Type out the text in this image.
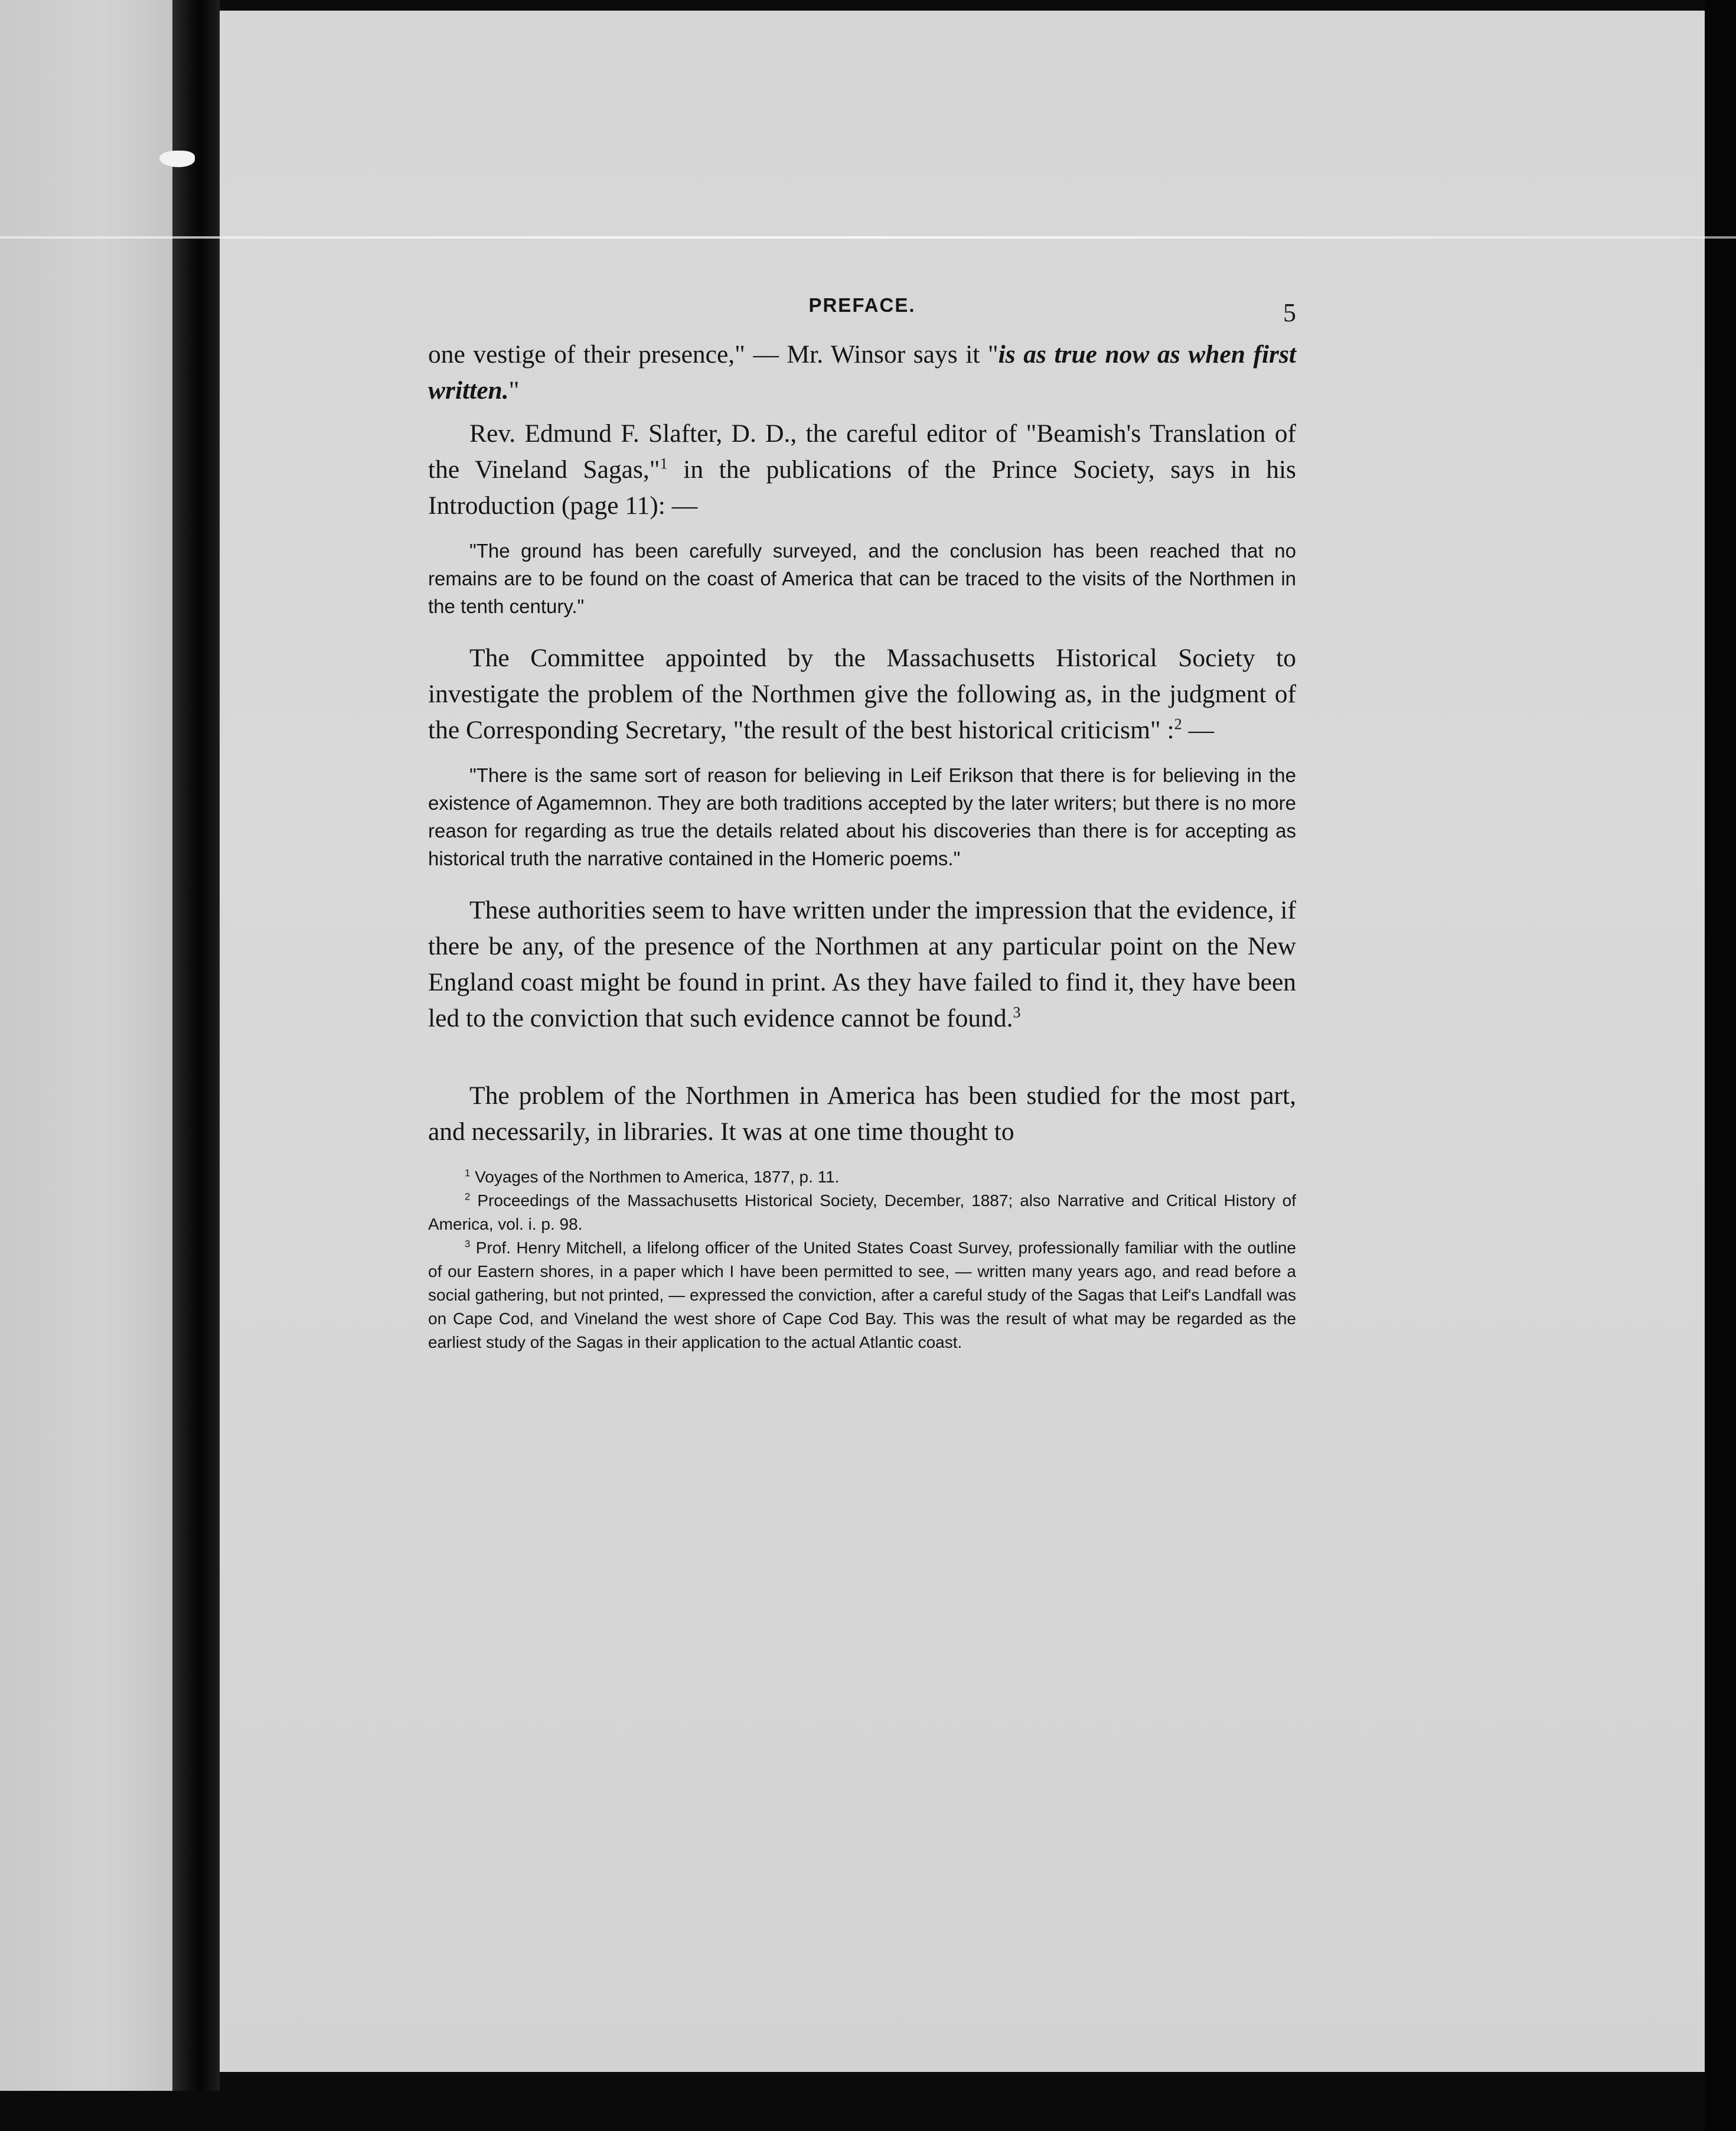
PREFACE.	5

one vestige of their presence," — Mr. Winsor says it "is as true now as when first written."

Rev. Edmund F. Slafter, D. D., the careful editor of "Beamish's Translation of the Vineland Sagas,"$^1$ in the publications of the Prince Society, says in his Introduction (page 11): —

"The ground has been carefully surveyed, and the conclusion has been reached that no remains are to be found on the coast of America that can be traced to the visits of the Northmen in the tenth century."

The Committee appointed by the Massachusetts Historical Society to investigate the problem of the Northmen give the following as, in the judgment of the Corresponding Secretary, "the result of the best historical criticism" :$^2$ —

"There is the same sort of reason for believing in Leif Erikson that there is for believing in the existence of Agamemnon. They are both traditions accepted by the later writers; but there is no more reason for regarding as true the details related about his discoveries than there is for accepting as historical truth the narrative contained in the Homeric poems."

These authorities seem to have written under the impression that the evidence, if there be any, of the presence of the Northmen at any particular point on the New England coast might be found in print. As they have failed to find it, they have been led to the conviction that such evidence cannot be found.$^3$

The problem of the Northmen in America has been studied for the most part, and necessarily, in libraries. It was at one time thought to

$^1$ Voyages of the Northmen to America, 1877, p. 11.

$^2$ Proceedings of the Massachusetts Historical Society, December, 1887; also Narrative and Critical History of America, vol. i. p. 98.

$^3$ Prof. Henry Mitchell, a lifelong officer of the United States Coast Survey, professionally familiar with the outline of our Eastern shores, in a paper which I have been permitted to see, — written many years ago, and read before a social gathering, but not printed, — expressed the conviction, after a careful study of the Sagas that Leif's Landfall was on Cape Cod, and Vineland the west shore of Cape Cod Bay. This was the result of what may be regarded as the earliest study of the Sagas in their application to the actual Atlantic coast.
